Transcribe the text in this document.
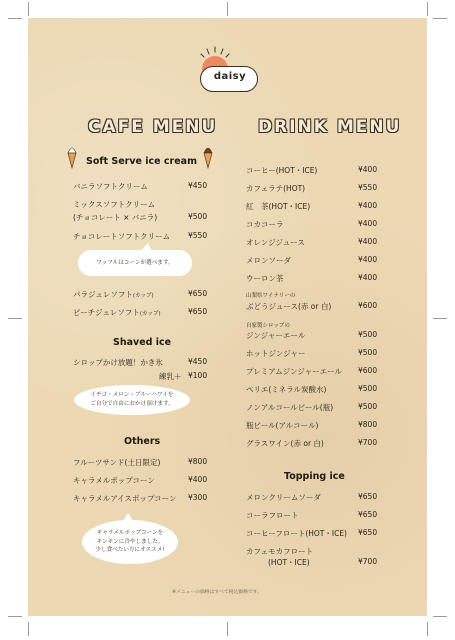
daisy
CAFE MENU DRINK MENU
Soft Serve ice cream
バニラソフトクリーム	¥450
ミックスソフトクリーム
(チョコレート × バニラ)	¥500
チョコレートソフトクリーム ¥550
ワッフルはコーンが選べます。
パラジュレソフト(カップ)	¥650
ピーチジュレソフト(カップ)	¥650
Shaved ice
シロップかけ放題！かき氷	¥450
練乳＋ ¥100
イチゴ・メロン・ブルーハワイを
ご自分で自由におかけ頂けます。
Others
フルーツサンド(土日限定)	¥800
キャラメルポップコーン	¥400
キャラメルアイスポップコーン ¥300
キャラメルポップコーンを
キンキンに冷やしました。
少し食べたい方にオススメ!
コーヒー(HOT・ICE)	¥400
カフェラテ(HOT)	¥550
紅　茶(HOT・ICE)	¥400
コカコーラ	¥400
オレンジジュース	¥400
メロンソーダ	¥400
ウーロン茶	¥400
山梨県ワイナリーの
ぶどうジュース(赤 or 白)	¥600
自家製シロップの
ジンジャーエール	¥500
ホットジンジャー	¥500
プレミアムジンジャーエール ¥600
ペリエ(ミネラル炭酸水)	¥500
ノンアルコールビール(瓶)	¥500
瓶ビール(アルコール)	¥800
グラスワイン(赤 or 白)	¥700
Topping ice
メロンクリームソーダ	¥650
コーラフロート	¥650
コーヒーフロート(HOT・ICE) ¥650
カフェモカフロート
(HOT・ICE)	¥700
※メニューの価格はすべて税込価格です。
